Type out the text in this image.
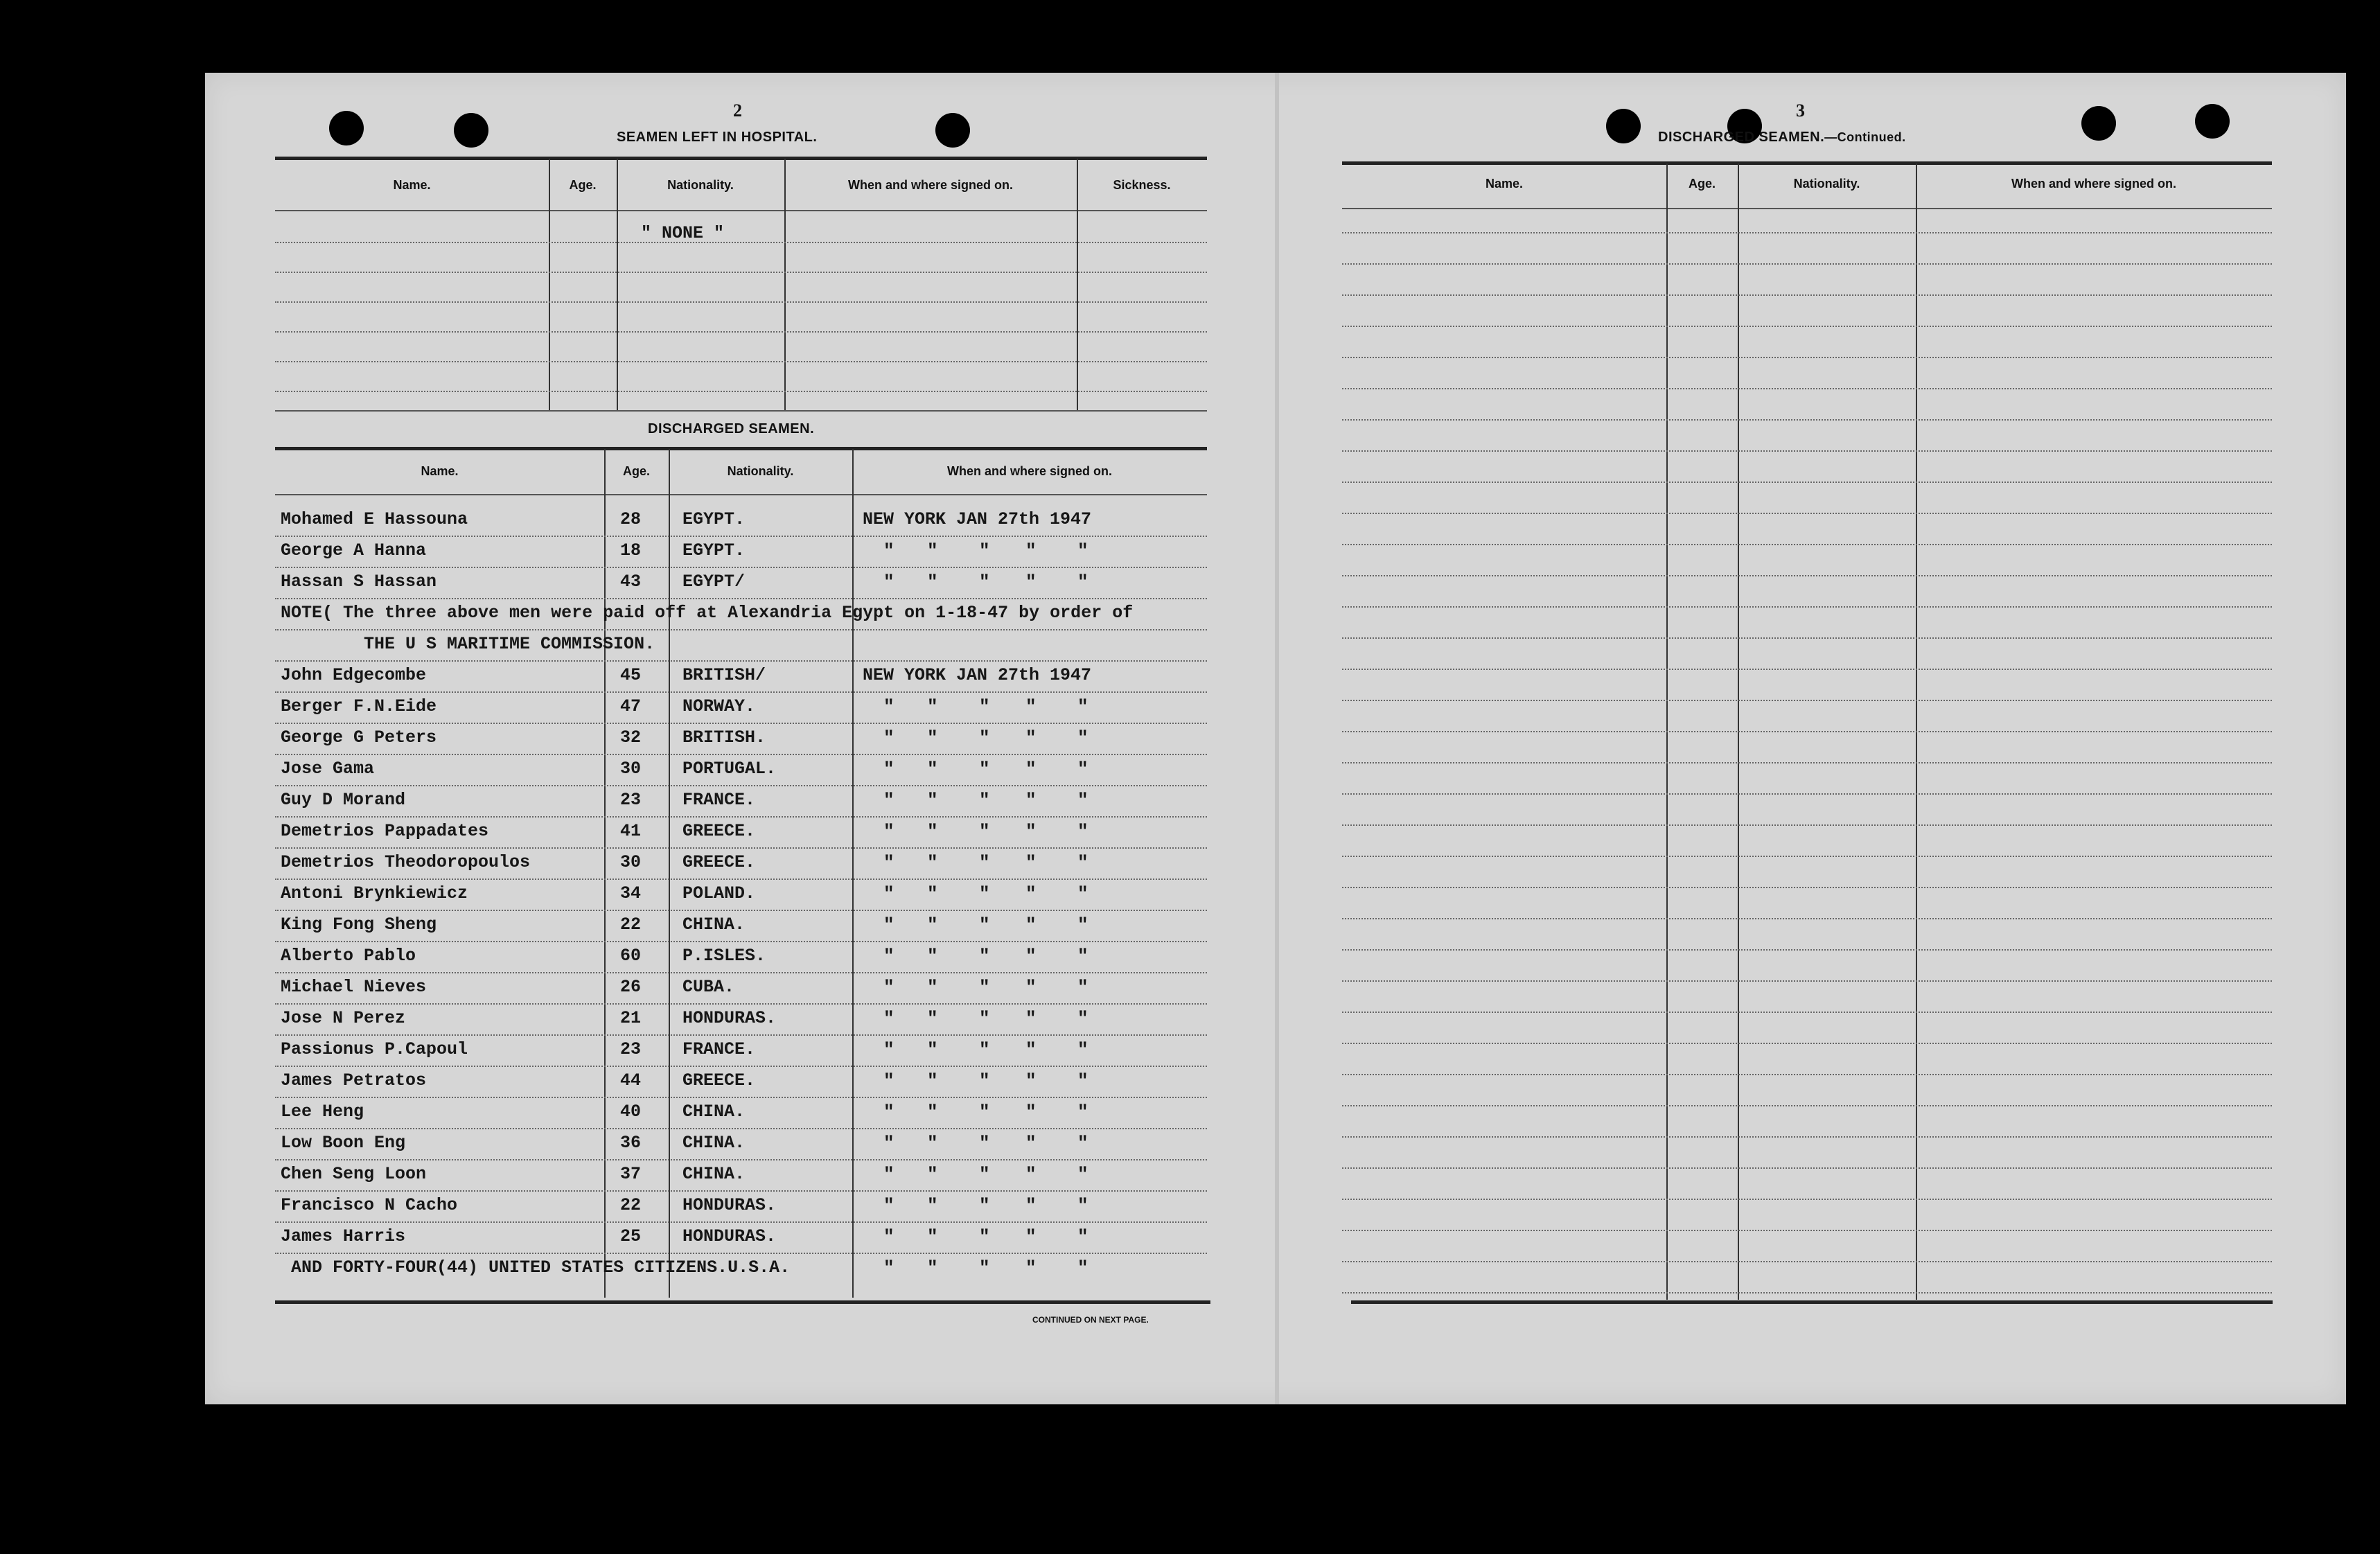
2
SEAMEN LEFT IN HOSPITAL.
Name.	Age.	Nationality.	When and where signed on.	Sickness.
" NONE "
DISCHARGED SEAMEN.
Name.	Age.	Nationality.	When and where signed on.
Mohamed E Hassouna	28 EGYPT.	NEW YORK JAN 27th 1947
George A Hanna	18 EGYPT.	" " " " "
Hassan S Hassan	43 EGYPT/	" " " " "
NOTE( The three above men were paid off at Alexandria Egypt on 1-18-47 by order of
THE U S MARITIME COMMISSION.
John Edgecombe	45 BRITISH/	NEW YORK JAN 27th 1947
Berger F.N.Eide	47 NORWAY.	" " " " "
George G Peters	32 BRITISH.	" " " " "
Jose Gama	30 PORTUGAL.	" " " " "
Guy D Morand	23 FRANCE.	" " " " "
Demetrios Pappadates	41 GREECE.	" " " " "
Demetrios Theodoropoulos	30 GREECE.	" " " " "
Antoni Brynkiewicz	34 POLAND.	" " " " "
King Fong Sheng	22 CHINA.	" " " " "
Alberto Pablo	60 P.ISLES.	" " " " "
Michael Nieves	26 CUBA.	" " " " "
Jose N Perez	21 HONDURAS.	" " " " "
Passionus P.Capoul	23 FRANCE.	" " " " "
James Petratos	44 GREECE.	" " " " "
Lee Heng	40 CHINA.	" " " " "
Low Boon Eng	36 CHINA.	" " " " "
Chen Seng Loon	37 CHINA.	" " " " "
Francisco N Cacho	22 HONDURAS.	" " " " "
James Harris	25 HONDURAS.	" " " " "
AND FORTY-FOUR(44) UNITED STATES CITIZENS.U.S.A.	" " " " "
CONTINUED ON NEXT PAGE.
3
DISCHARGED SEAMEN.—Continued.
Name.	Age.	Nationality.	When and where signed on.
